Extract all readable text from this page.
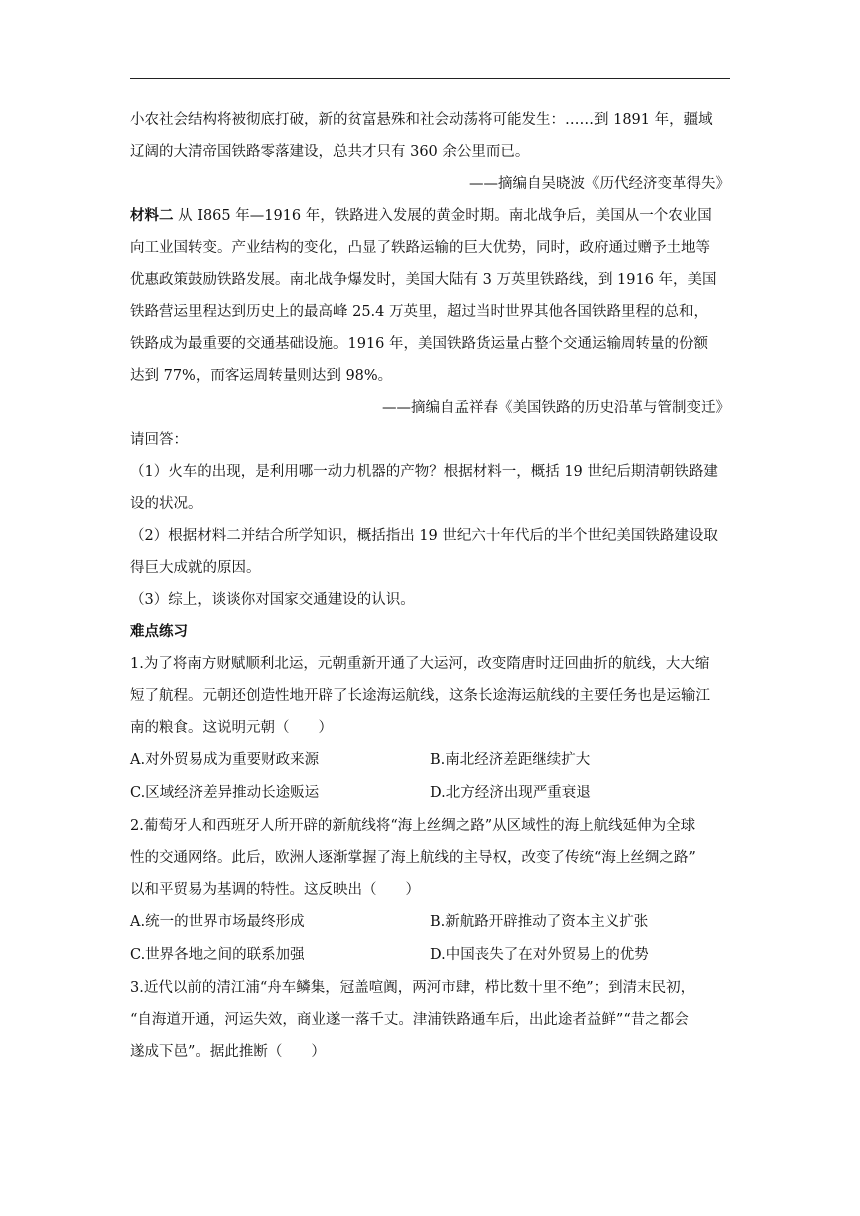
小农社会结构将被彻底打破，新的贫富悬殊和社会动荡将可能发生：……到 1891 年，疆域

辽阔的大清帝国铁路零落建设，总共才只有 360 余公里而已。

——摘编自吴晓波《历代经济变革得失》

材料二 从 I865 年—1916 年，铁路进入发展的黄金时期。南北战争后，美国从一个农业国

向工业国转变。产业结构的变化，凸显了轶路运输的巨大优势，同时，政府通过赠予土地等

优惠政策鼓励铁路发展。南北战争爆发时，美国大陆有 3 万英里铁路线，到 1916 年，美国

铁路营运里程达到历史上的最高峰 25.4 万英里，超过当时世界其他各国铁路里程的总和，

铁路成为最重要的交通基础设施。1916 年，美国铁路货运量占整个交通运输周转量的份额

达到 77%，而客运周转量则达到 98%。

——摘编自孟祥春《美国铁路的历史沿革与管制变迁》

请回答：

（1）火车的出现，是利用哪一动力机器的产物？根据材料一，概括 19 世纪后期清朝铁路建

设的状况。

（2）根据材料二并结合所学知识，概括指出 19 世纪六十年代后的半个世纪美国铁路建设取

得巨大成就的原因。

（3）综上，谈谈你对国家交通建设的认识。

难点练习

1.为了将南方财赋顺利北运，元朝重新开通了大运河，改变隋唐时迂回曲折的航线，大大缩

短了航程。元朝还创造性地开辟了长途海运航线，这条长途海运航线的主要任务也是运输江

南的粮食。这说明元朝（　　）

A.对外贸易成为重要财政来源	B.南北经济差距继续扩大
C.区域经济差异推动长途贩运	D.北方经济出现严重衰退

2.葡萄牙人和西班牙人所开辟的新航线将“海上丝绸之路”从区域性的海上航线延伸为全球

性的交通网络。此后，欧洲人逐渐掌握了海上航线的主导权，改变了传统“海上丝绸之路”

以和平贸易为基调的特性。这反映出（　　）

A.统一的世界市场最终形成	B.新航路开辟推动了资本主义扩张
C.世界各地之间的联系加强	D.中国丧失了在对外贸易上的优势

3.近代以前的清江浦“舟车鳞集，冠盖喧阗，两河市肆，栉比数十里不绝”；到清末民初，

“自海道开通，河运失效，商业遂一落千丈。津浦铁路通车后，出此途者益鲜”“昔之都会

遂成下邑”。据此推断（　　）
